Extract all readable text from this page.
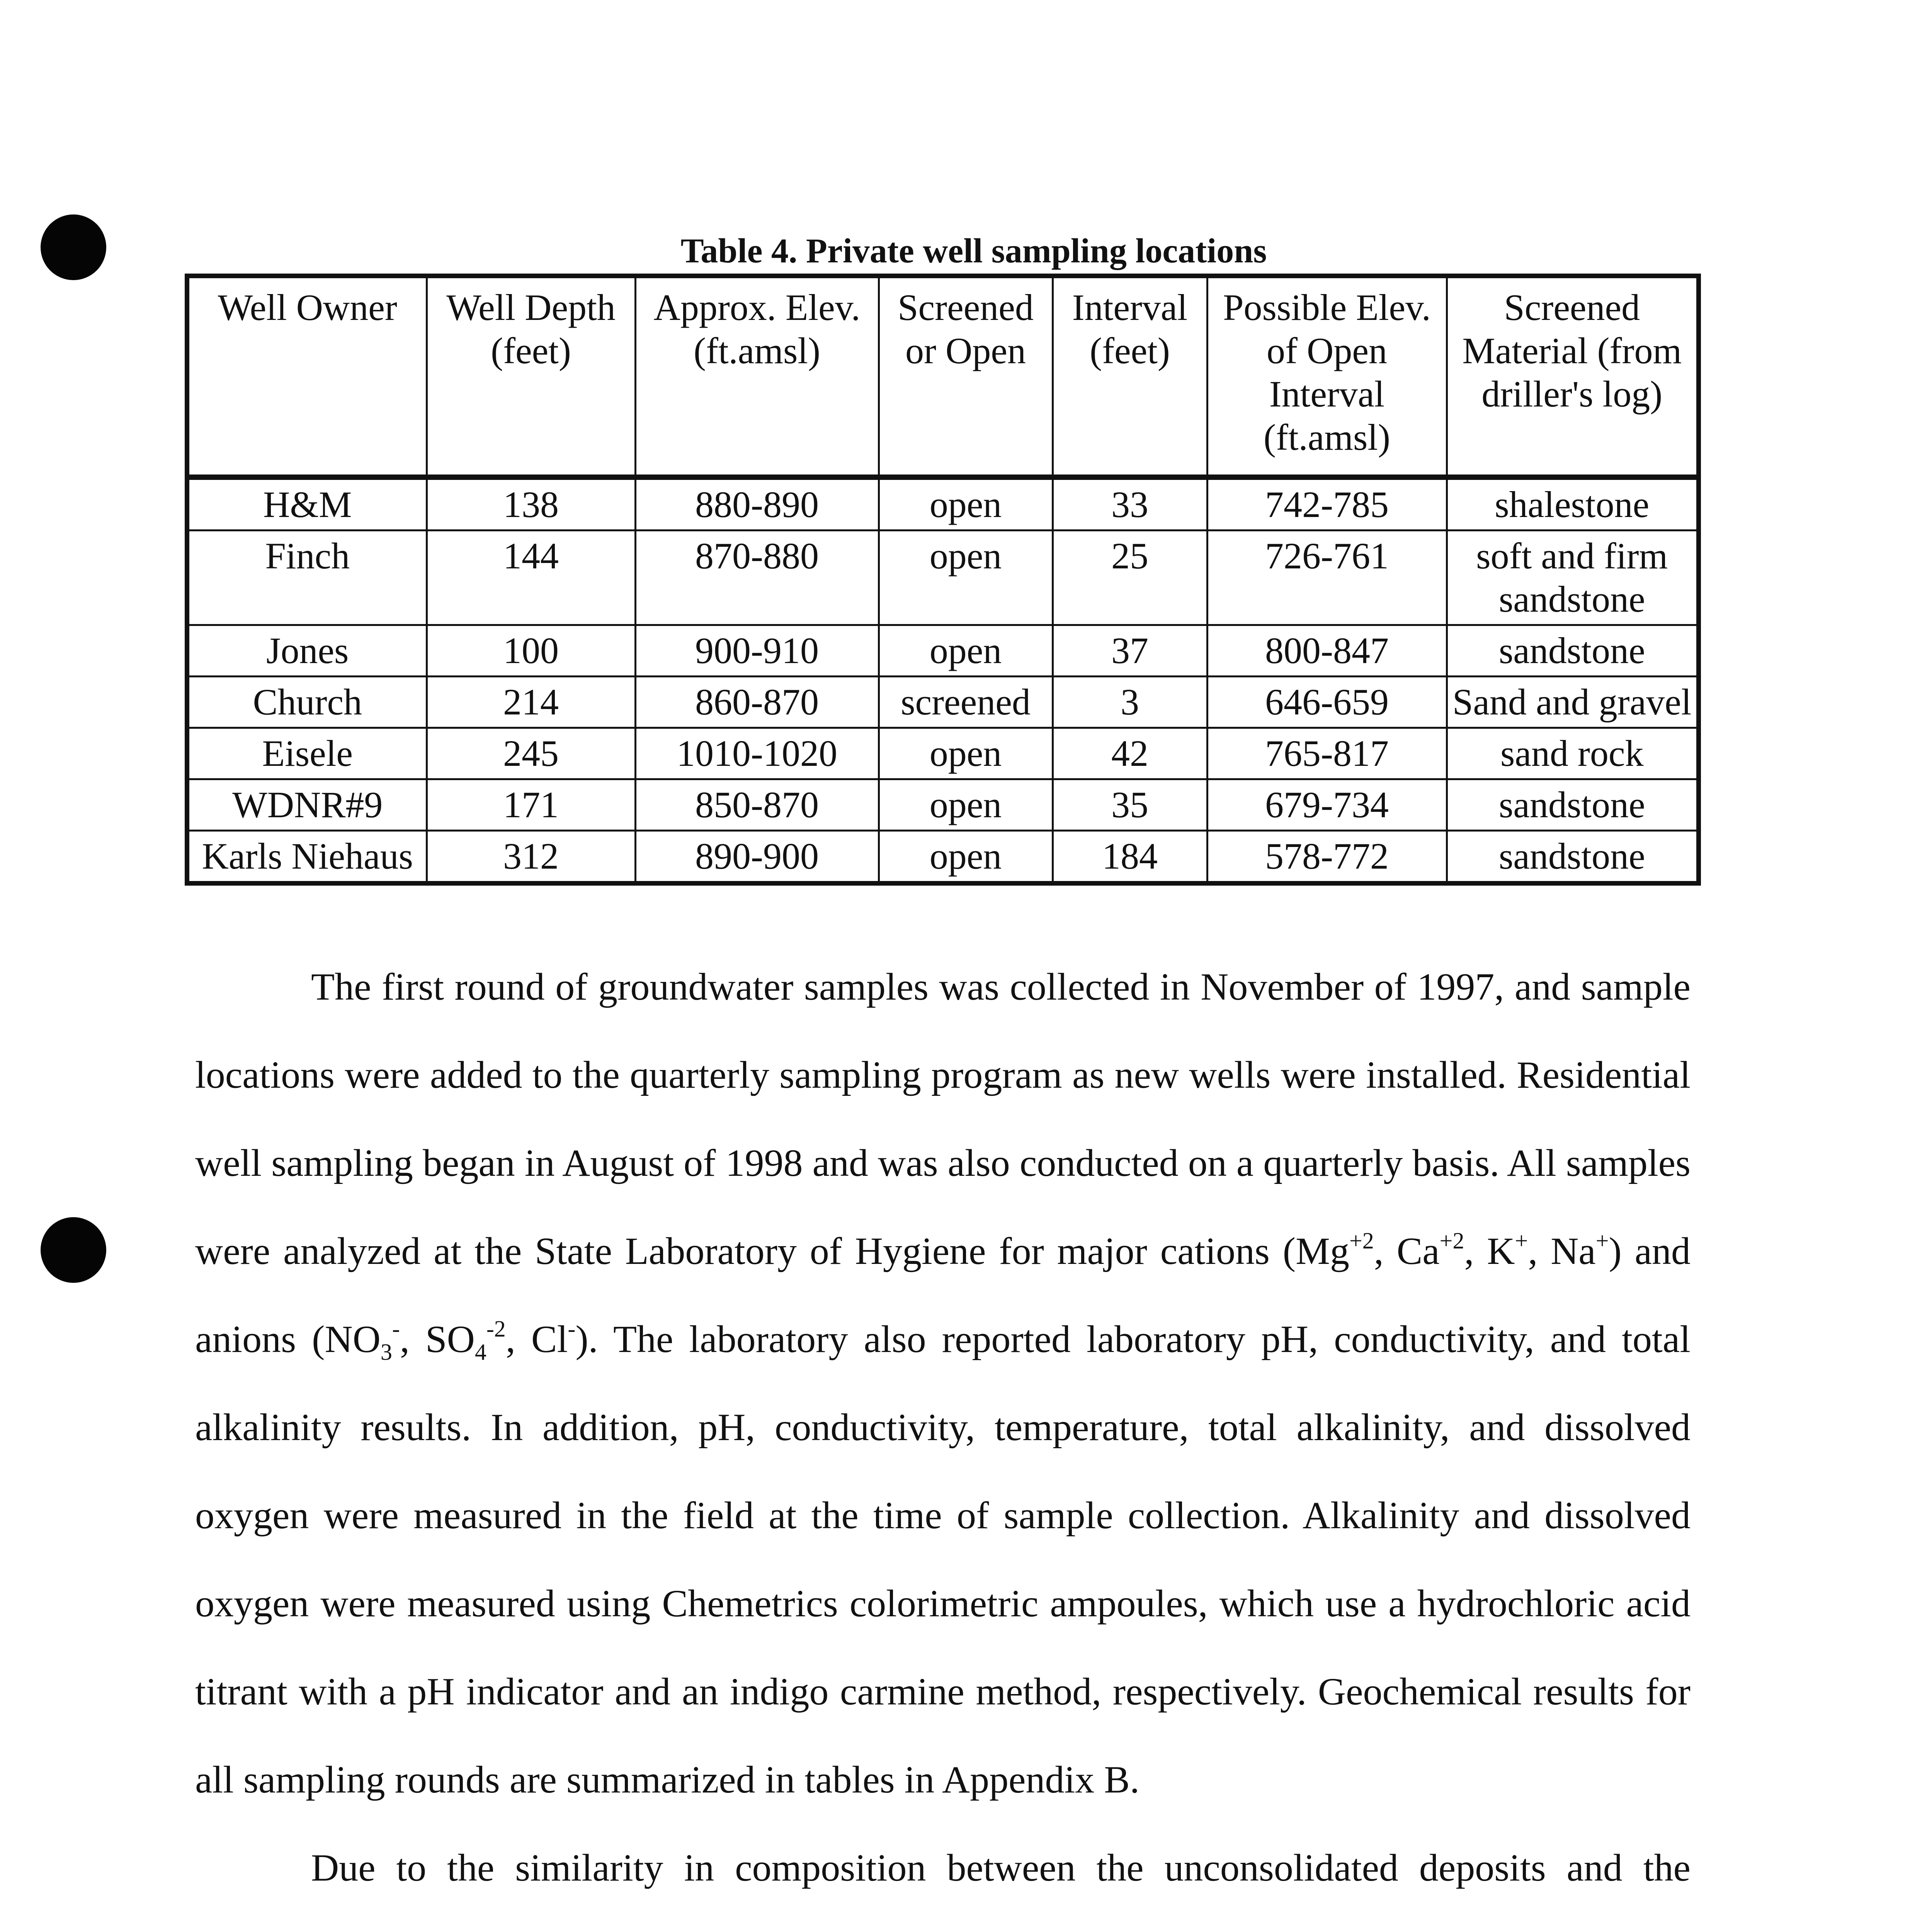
Table 4. Private well sampling locations
Well Owner	Well Depth (feet)	Approx. Elev. (ft.amsl)	Screened or Open	Interval (feet)	Possible Elev. of Open Interval (ft.amsl)	Screened Material (from driller's log)
H&M	138	880-890	open	33	742-785	shalestone
Finch	144	870-880	open	25	726-761	soft and firm sandstone
Jones	100	900-910	open	37	800-847	sandstone
Church	214	860-870	screened	3	646-659	Sand and gravel
Eisele	245	1010-1020	open	42	765-817	sand rock
WDNR#9	171	850-870	open	35	679-734	sandstone
Karls Niehaus	312	890-900	open	184	578-772	sandstone

The first round of groundwater samples was collected in November of 1997, and sample locations were added to the quarterly sampling program as new wells were installed. Residential well sampling began in August of 1998 and was also conducted on a quarterly basis. All samples were analyzed at the State Laboratory of Hygiene for major cations ($Mg^{+2}$, $Ca^{+2}$, K+, Na+) and anions ($NO_3^-$, $SO_4^{-2}$, Cl-). The laboratory also reported laboratory pH, conductivity, and total alkalinity results. In addition, pH, conductivity, temperature, total alkalinity, and dissolved oxygen were measured in the field at the time of sample collection. Alkalinity and dissolved oxygen were measured using Chemetrics colorimetric ampoules, which use a hydrochloric acid titrant with a pH indicator and an indigo carmine method, respectively. Geochemical results for all sampling rounds are summarized in tables in Appendix B.

Due to the similarity in composition between the unconsolidated deposits and the
